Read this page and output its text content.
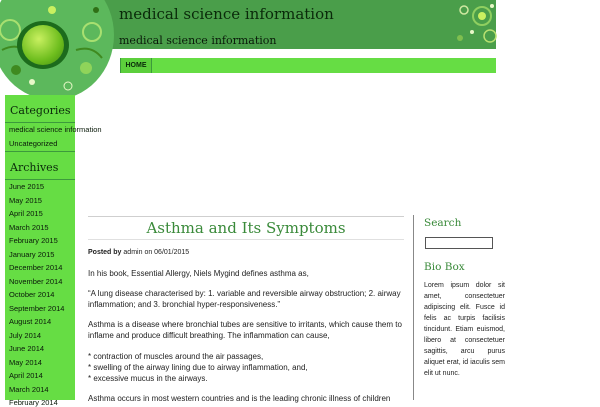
medical science information
medical science information
HOME
Categories
medical science information
Uncategorized
Archives
June 2015
May 2015
April 2015
March 2015
February 2015
January 2015
December 2014
November 2014
October 2014
September 2014
August 2014
July 2014
June 2014
May 2014
April 2014
March 2014
February 2014
Asthma and Its Symptoms
Posted by admin on 06/01/2015

In his book, Essential Allergy, Niels Mygind defines asthma as,

“A lung disease characterised by: 1. variable and reversible airway obstruction; 2. airway inflammation; and 3. bronchial hyper-responsiveness.”

Asthma is a disease where bronchial tubes are sensitive to irritants, which cause them to inflame and produce difficult breathing. The inflammation can cause,

* contraction of muscles around the air passages,

* swelling of the airway lining due to airway inflammation, and,

* excessive mucus in the airways.

Asthma occurs in most western countries and is the leading chronic illness of children

Search
Bio Box

Lorem ipsum dolor sit amet, consectetuer adipiscing elit. Fusce id felis ac turpis facilisis tincidunt. Etiam euismod, libero at consectetuer sagittis, arcu purus aliquet erat, id iaculis sem elit ut nunc.
